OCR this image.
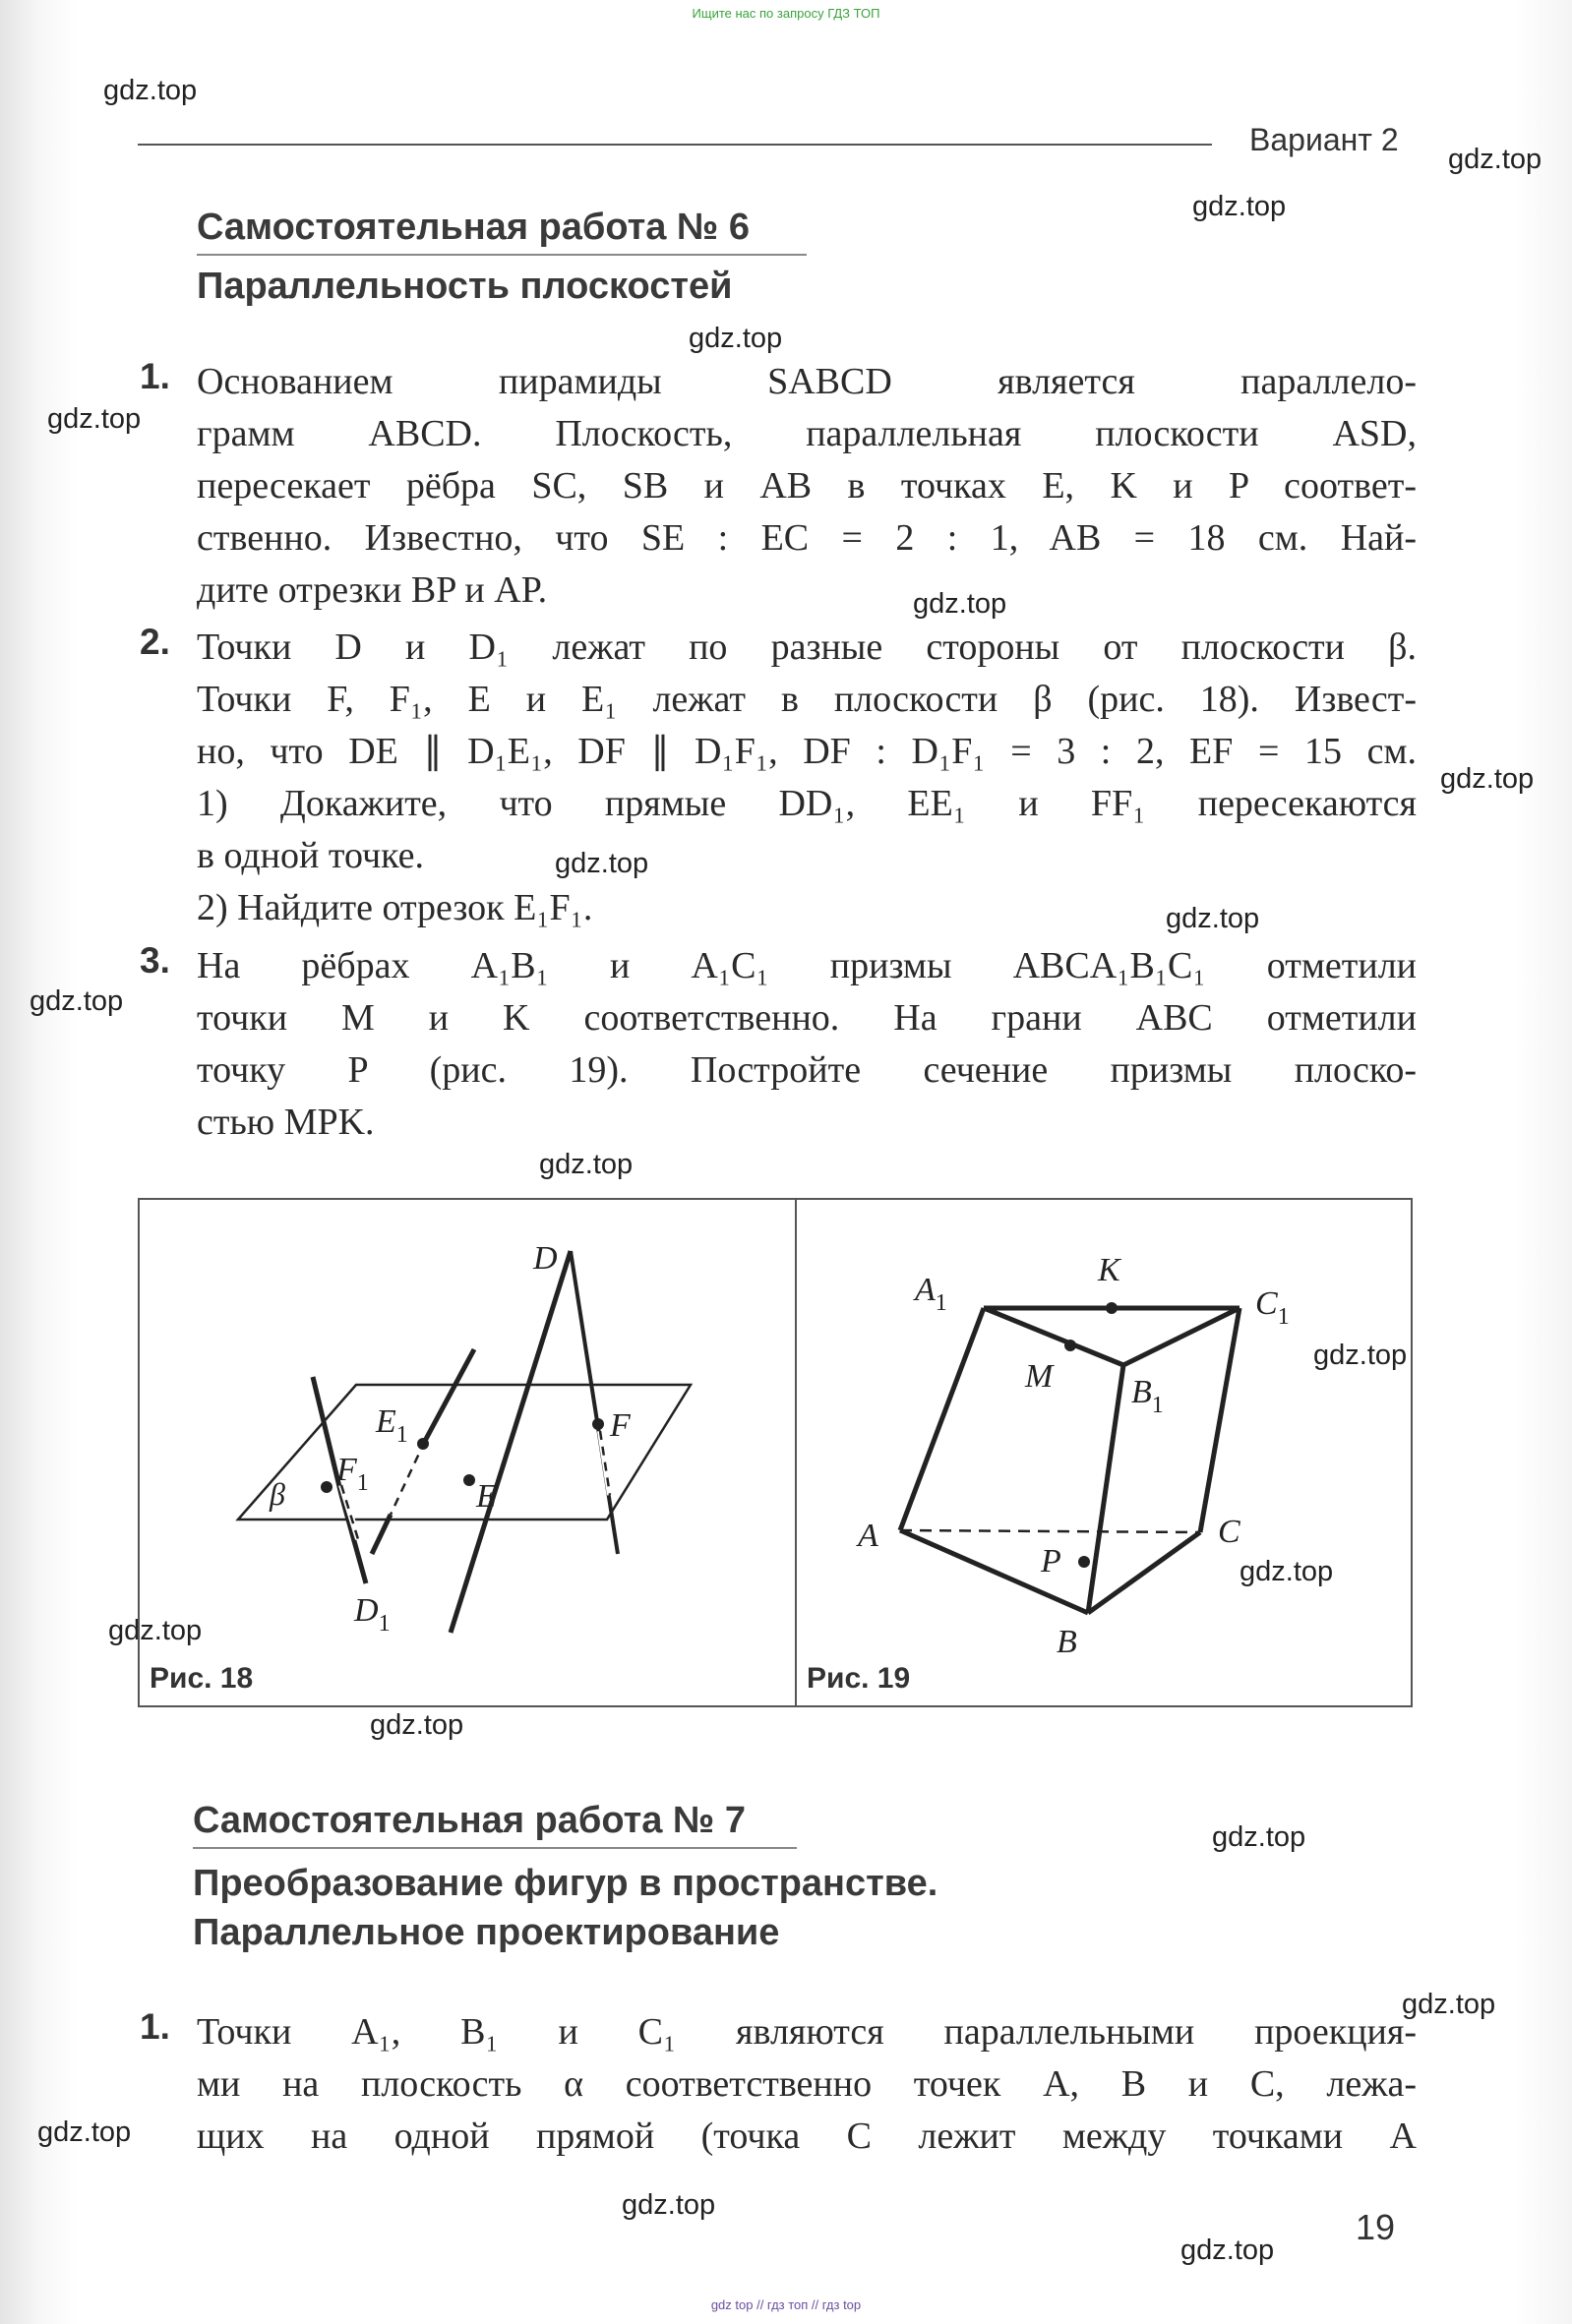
Ищите нас по запросу ГДЗ ТОП
gdz.top
gdz.top
gdz.top
gdz.top
gdz.top
gdz.top
gdz.top
gdz.top
gdz.top
gdz.top
gdz.top
gdz.top
gdz.top
gdz.top
gdz.top
gdz.top
gdz.top
gdz.top
gdz.top
gdz.top
Вариант 2
Самостоятельная работа № 6
Параллельность плоскостей
1. Основанием пирамиды SABCD является параллело-
грамм ABCD. Плоскость, параллельная плоскости ASD,
пересекает рёбра SC, SB и AB в точках E, K и P соответ-
ственно. Известно, что SE : EC = 2 : 1, AB = 18 см. Най-
дите отрезки BP и AP.
2. Точки D и D₁ лежат по разные стороны от плоскости β.
Точки F, F₁, E и E₁ лежат в плоскости β (рис. 18). Извест-
но, что DE ∥ D₁E₁, DF ∥ D₁F₁, DF : D₁F₁ = 3 : 2, EF = 15 см.
1) Докажите, что прямые DD₁, EE₁ и FF₁ пересекаются
в одной точке.
2) Найдите отрезок E₁F₁.
3. На рёбрах A₁B₁ и A₁C₁ призмы ABCA₁B₁C₁ отметили
точки M и K соответственно. На грани ABC отметили
точку P (рис. 19). Постройте сечение призмы плоско-
стью MPK.
D
$E_1$
E
F
$F_1$
β
$D_1$
$A_1$
K
$C_1$
M $B_1$
A	C
P
B
Рис. 18	Рис. 19
Самостоятельная работа № 7
Преобразование фигур в пространстве.
Параллельное проектирование
1. Точки A₁, B₁ и C₁ являются параллельными проекция-
ми на плоскость α соответственно точек A, B и C, лежа-
щих на одной прямой (точка C лежит между точками A
19
gdz top // гдз топ // гдз top
